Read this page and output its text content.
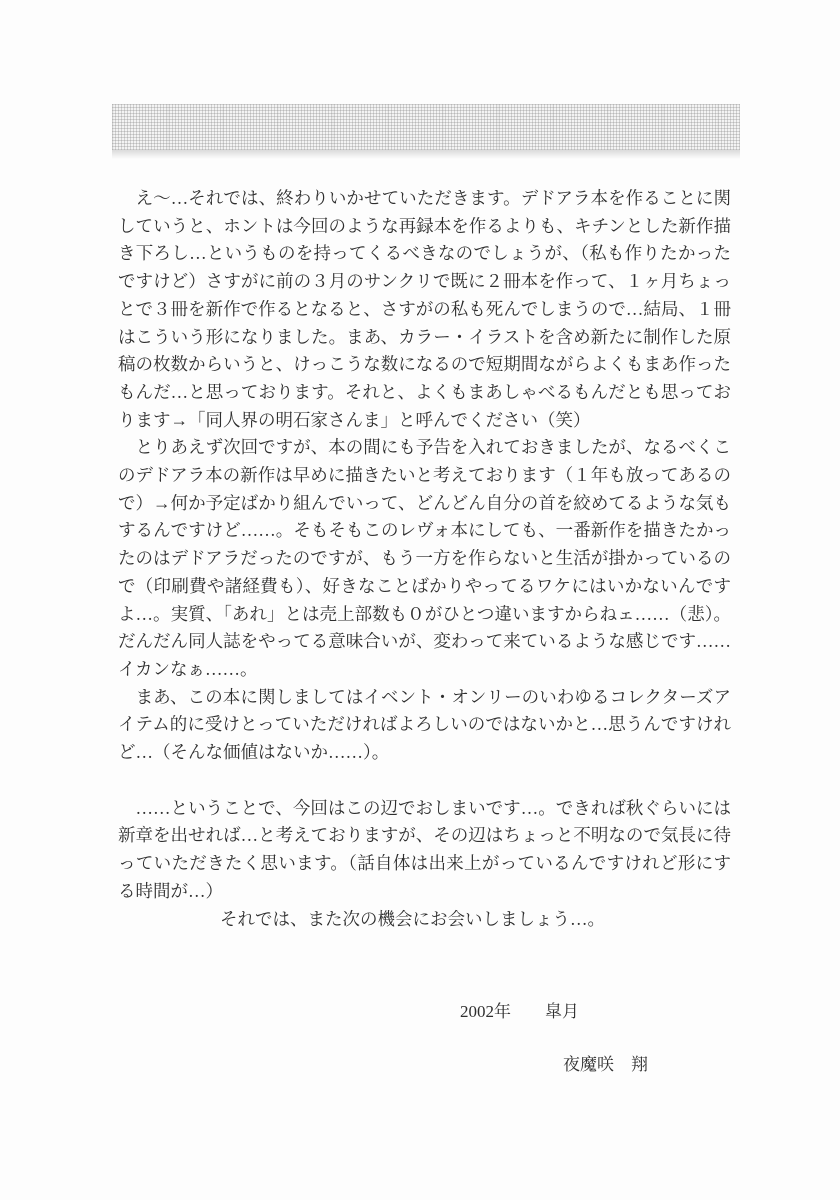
　え～…それでは、終わりいかせていただきます。デドアラ本を作ることに関していうと、ホントは今回のような再録本を作るよりも、キチンとした新作描き下ろし…というものを持ってくるべきなのでしょうが、（私も作りたかったですけど）さすがに前の３月のサンクリで既に２冊本を作って、１ヶ月ちょっとで３冊を新作で作るとなると、さすがの私も死んでしまうので…結局、１冊はこういう形になりました。まあ、カラー・イラストを含め新たに制作した原稿の枚数からいうと、けっこうな数になるので短期間ながらよくもまあ作ったもんだ…と思っております。それと、よくもまあしゃべるもんだとも思っております→「同人界の明石家さんま」と呼んでください（笑）

　とりあえず次回ですが、本の間にも予告を入れておきましたが、なるべくこのデドアラ本の新作は早めに描きたいと考えております（１年も放ってあるので）→何か予定ばかり組んでいって、どんどん自分の首を絞めてるような気もするんですけど……。そもそもこのレヴォ本にしても、一番新作を描きたかったのはデドアラだったのですが、もう一方を作らないと生活が掛かっているので（印刷費や諸経費も）、好きなことばかりやってるワケにはいかないんですよ…。実質、「あれ」とは売上部数も０がひとつ違いますからねェ……（悲）。だんだん同人誌をやってる意味合いが、変わって来ているような感じです……イカンなぁ……。

　まあ、この本に関しましてはイベント・オンリーのいわゆるコレクターズアイテム的に受けとっていただければよろしいのではないかと…思うんですけれど…（そんな価値はないか……）。

　……ということで、今回はこの辺でおしまいです…。できれば秋ぐらいには新章を出せれば…と考えておりますが、その辺はちょっと不明なので気長に待っていただきたく思います。（話自体は出来上がっているんですけれど形にする時間が…）

それでは、また次の機会にお会いしましょう…。

2002年　　皐月
夜魔咲　翔
